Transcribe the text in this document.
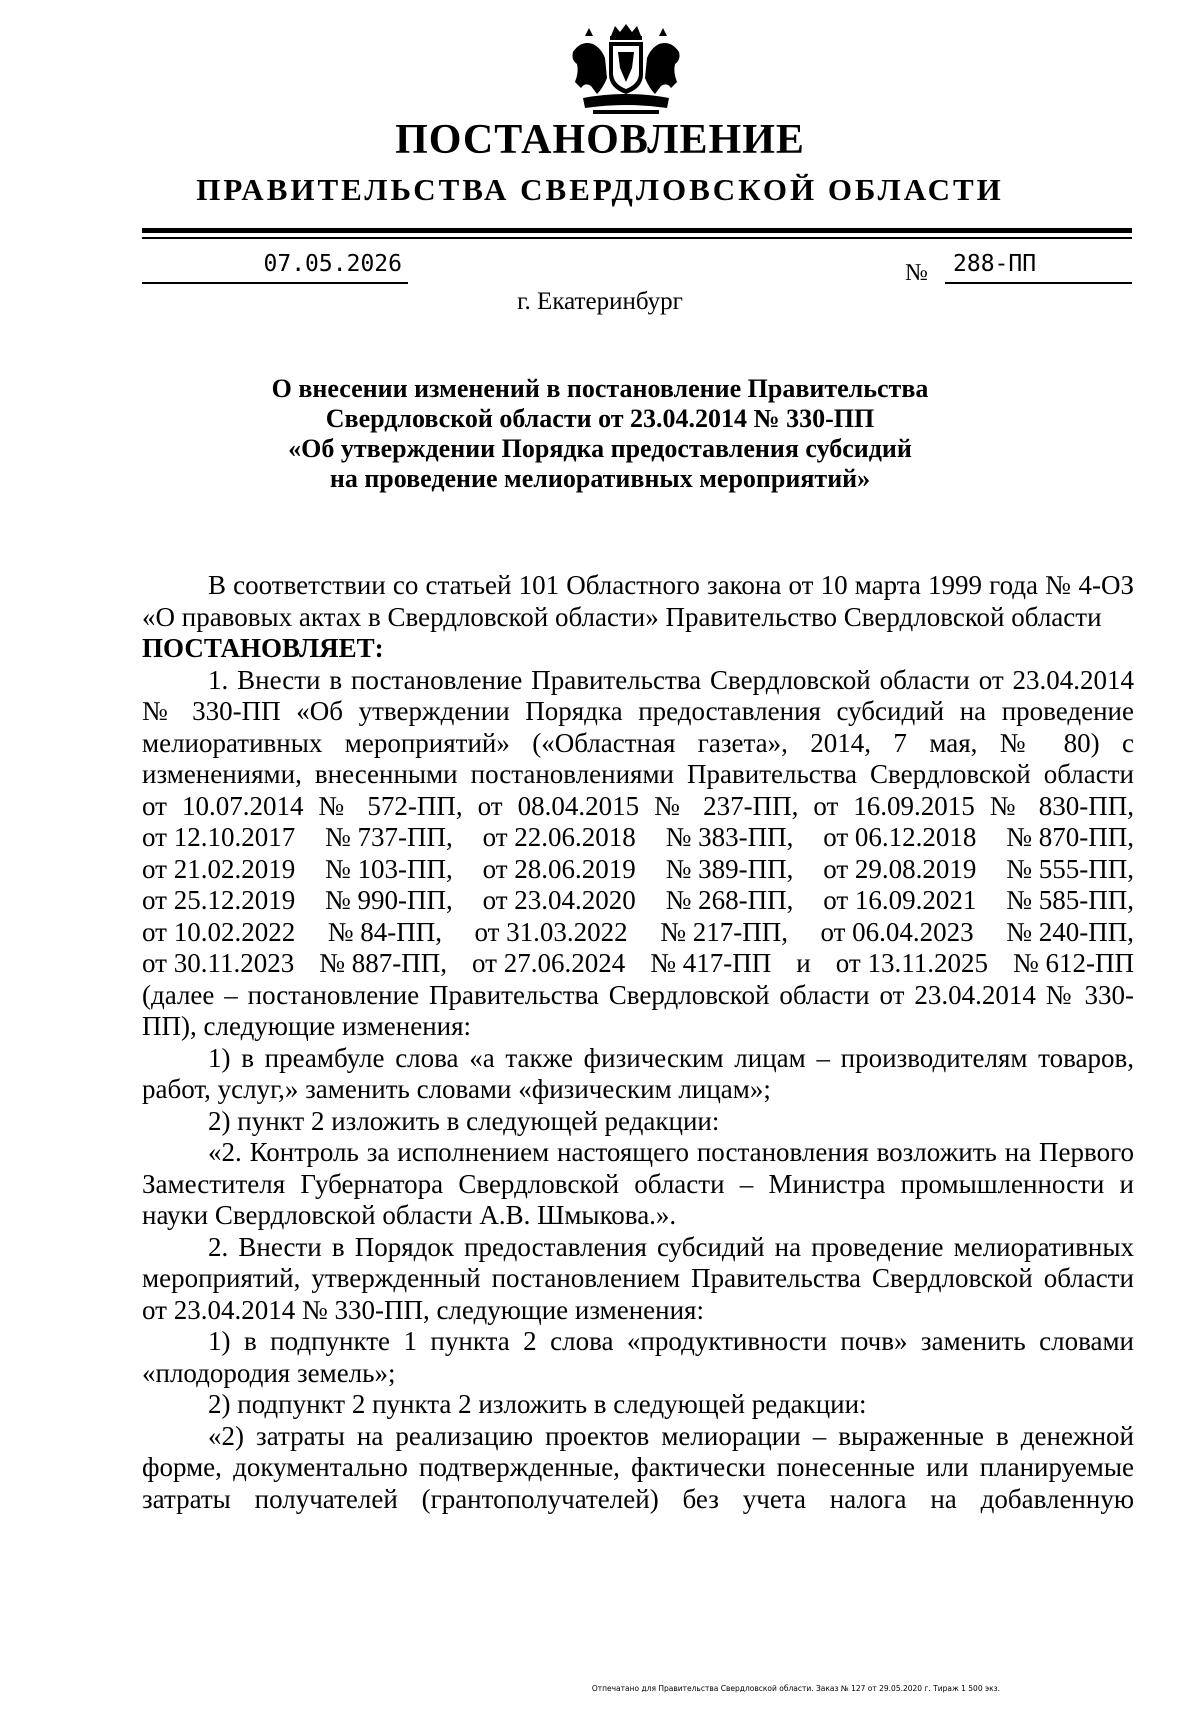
ПОСТАНОВЛЕНИЕ
ПРАВИТЕЛЬСТВА СВЕРДЛОВСКОЙ ОБЛАСТИ
07.05.2026	№	288-ПП

г. Екатеринбург

О внесении изменений в постановление Правительства
Свердловской области от 23.04.2014 № 330-ПП
«Об утверждении Порядка предоставления субсидий
на проведение мелиоративных мероприятий»

В соответствии со статьей 101 Областного закона от 10 марта 1999 года № 4-ОЗ «О правовых актах в Свердловской области» Правительство Свердловской области

ПОСТАНОВЛЯЕТ:

1. Внести в постановление Правительства Свердловской области от 23.04.2014 № 330-ПП «Об утверждении Порядка предоставления субсидий на проведение мелиоративных мероприятий» («Областная газета», 2014, 7 мая, № 80) с изменениями, внесенными постановлениями Правительства Свердловской области от 10.07.2014 № 572-ПП, от 08.04.2015 № 237-ПП, от 16.09.2015 № 830-ПП,

от 12.10.2017 № 737-ПП, от 22.06.2018 № 383-ПП, от 06.12.2018 № 870-ПП,
от 21.02.2019 № 103-ПП, от 28.06.2019 № 389-ПП, от 29.08.2019 № 555-ПП,
от 25.12.2019 № 990-ПП, от 23.04.2020 № 268-ПП, от 16.09.2021 № 585-ПП,
от 10.02.2022 № 84-ПП, от 31.03.2022 № 217-ПП, от 06.04.2023 № 240-ПП,
от 30.11.2023 № 887-ПП, от 27.06.2024 № 417-ПП и от 13.11.2025 № 612-ПП

(далее – постановление Правительства Свердловской области от 23.04.2014 № 330-ПП), следующие изменения:

1) в преамбуле слова «а также физическим лицам – производителям товаров, работ, услуг,» заменить словами «физическим лицам»;

2) пункт 2 изложить в следующей редакции:

«2. Контроль за исполнением настоящего постановления возложить на Первого Заместителя Губернатора Свердловской области – Министра промышленности и науки Свердловской области А.В. Шмыкова.».

2. Внести в Порядок предоставления субсидий на проведение мелиоративных мероприятий, утвержденный постановлением Правительства Свердловской области от 23.04.2014 № 330-ПП, следующие изменения:

1) в подпункте 1 пункта 2 слова «продуктивности почв» заменить словами «плодородия земель»;

2) подпункт 2 пункта 2 изложить в следующей редакции:

«2) затраты на реализацию проектов мелиорации – выраженные в денежной форме, документально подтвержденные, фактически понесенные или планируемые затраты получателей (грантополучателей) без учета налога на добавленную

Отпечатано для Правительства Свердловской области. Заказ № 127 от 29.05.2020 г. Тираж 1 500 экз.
